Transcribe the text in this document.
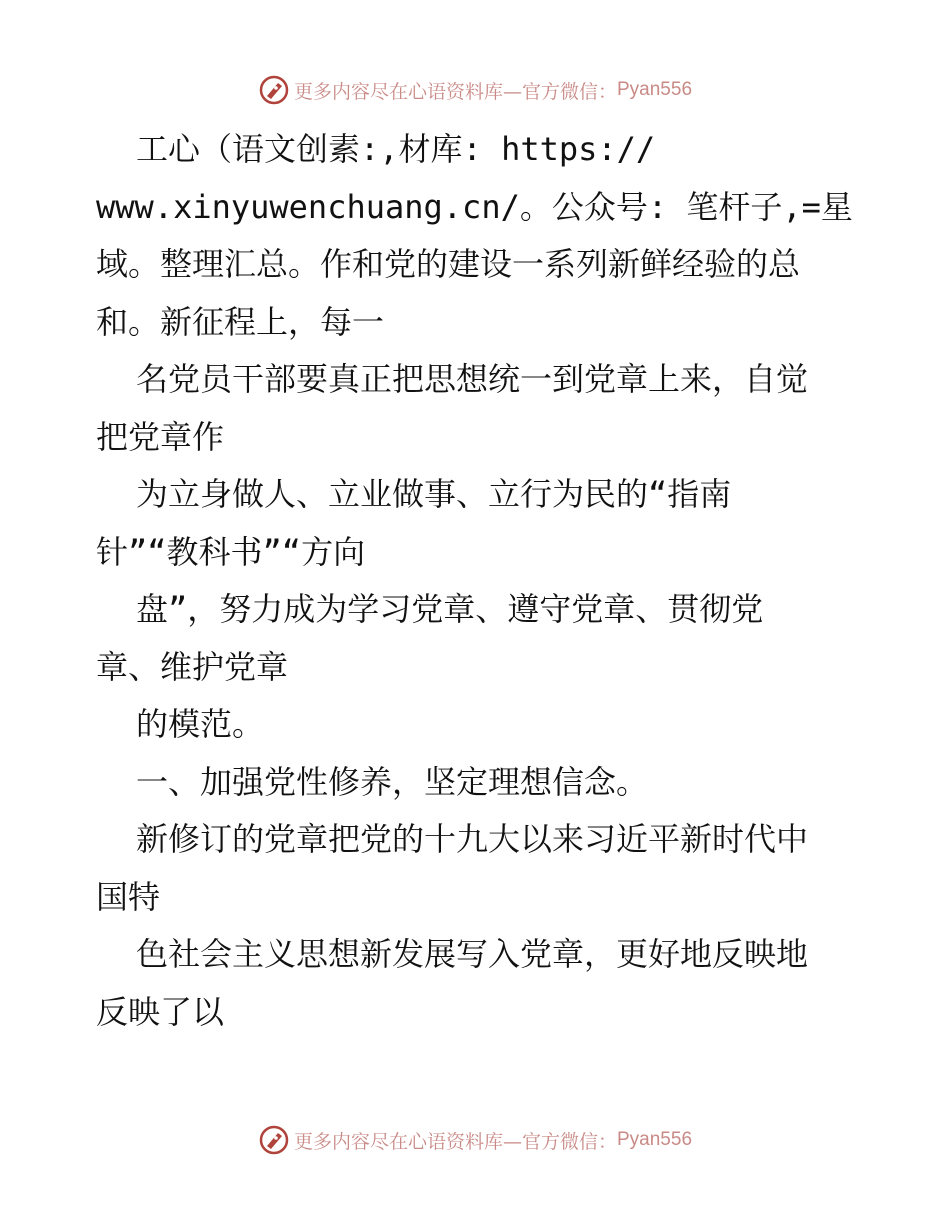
更多内容尽在心语资料库—官方微信： Pyan556

工心（语文创素:,材库: https://

www.xinyuwenchuang.cn/。公众号: 笔杆子,=星

域。整理汇总。作和党的建设一系列新鲜经验的总

和。新征程上，每一

名党员干部要真正把思想统一到党章上来，自觉

把党章作

为立身做人、立业做事、立行为民的“指南

针”“教科书”“方向

盘”，努力成为学习党章、遵守党章、贯彻党

章、维护党章

的模范。

一、加强党性修养，坚定理想信念。

新修订的党章把党的十九大以来习近平新时代中

国特

色社会主义思想新发展写入党章，更好地反映地

反映了以

更多内容尽在心语资料库—官方微信： Pyan556
